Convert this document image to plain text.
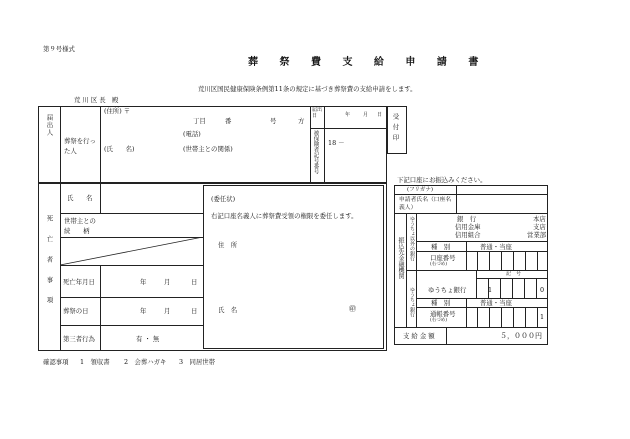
第９号様式
葬 祭 費 支 給 申 請 書
荒川区国民健康保険条例第11条の規定に基づき葬祭費の支給申請をします。
荒 川 区 長　殿
届出人
葬祭を行った人
(住所) 〒
丁目	番	号	方
(電話)
(氏　　名)	(世帯主との関係)
届出日	年	月 日
被保険者記号番号 18 －	受付印
死亡者事項
氏　　名
世帯主との続　　柄
死亡年月日	年	月	日
葬祭の日	年	月	日
第三者行為	有 ・ 無
(委任状)
右記口座名義人に葬祭費受領の権限を委任します。
住　所
氏　名	㊞
下記口座にお振込みください。
(フリガナ)
申請者氏名（口座名義人）
振込先金融機関 ゆうちょ以外の銀行	銀　行
信用金庫
信用組合
本店
支店
営業部
種　別	普通・当座
口座番号
(右づめ)
ゆうちょ銀行 ゆうちょ銀行
記　号
1	0
種　別	普通・当座
通帳番号
(右づめ)	1
支 給 金 額	５，０００円
確認事項 1　領収書 2　会葬ハガキ 3　同居世帯
